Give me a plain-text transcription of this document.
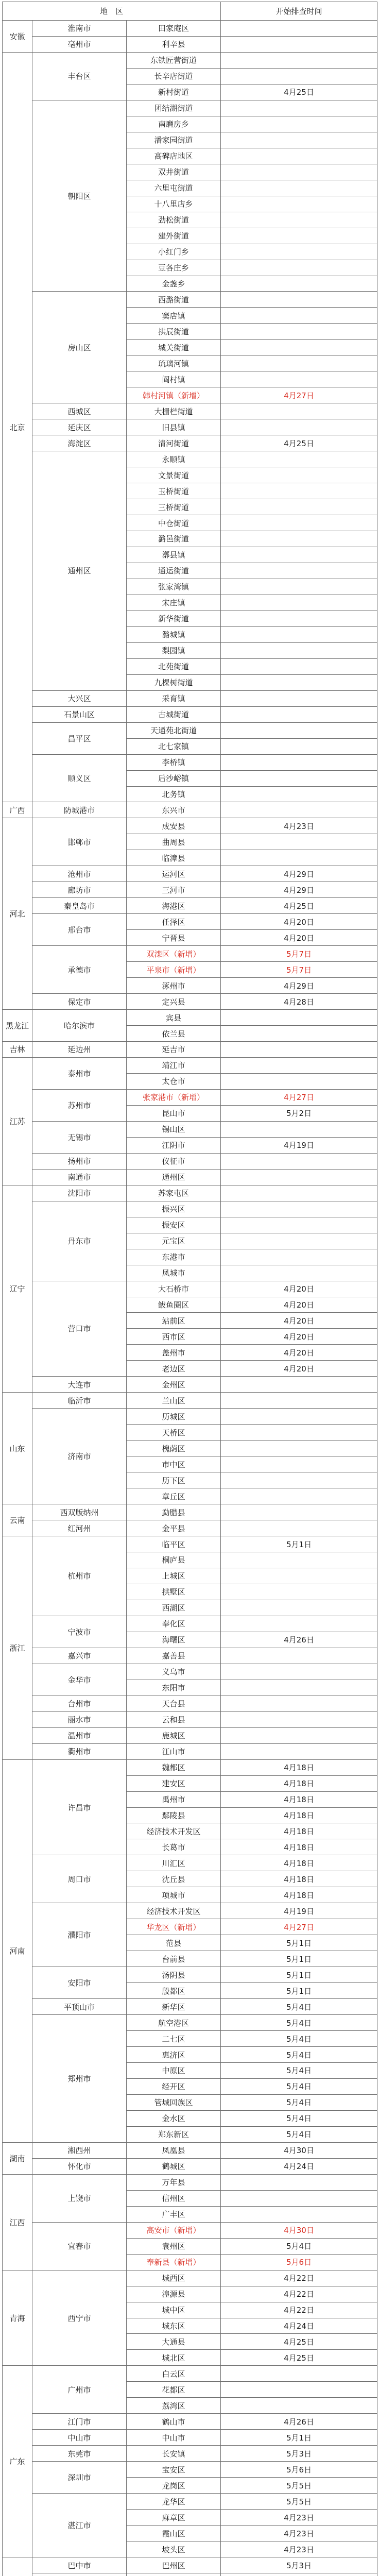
地　区			开始排查时间
安徽	淮南市	田家庵区	
	亳州市	利辛县	
北京	丰台区	东铁匠营街道	
		长辛店街道	
		新村街道	4月25日
	朝阳区	团结湖街道	
		南磨房乡	
		潘家园街道	
		高碑店地区	
		双井街道	
		六里屯街道	
		十八里店乡	
		劲松街道	
		建外街道	
		小红门乡	
		豆各庄乡	
		金盏乡	
	房山区	西潞街道	
		窦店镇	
		拱辰街道	
		城关街道	
		琉璃河镇	
		阎村镇	
		韩村河镇（新增）	4月27日
	西城区	大栅栏街道	
	延庆区	旧县镇	
	海淀区	清河街道	4月25日
	通州区	永顺镇	
		文景街道	
		玉桥街道	
		三桥街道	
		中仓街道	
		潞邑街道	
		漷县镇	
		通运街道	
		张家湾镇	
		宋庄镇	
		新华街道	
		潞城镇	
		梨园镇	
		北苑街道	
		九棵树街道	
	大兴区	采育镇	
	石景山区	古城街道	
	昌平区	天通苑北街道	
		北七家镇	
	顺义区	李桥镇	
		后沙峪镇	
		北务镇	
广西	防城港市	东兴市	
河北	邯郸市	成安县	4月23日
		曲周县	
		临漳县	
	沧州市	运河区	4月29日
	廊坊市	三河市	4月29日
	秦皇岛市	海港区	4月25日
	邢台市	任泽区	4月20日
		宁晋县	4月20日
	承德市	双滦区（新增）	5月7日
		平泉市（新增）	5月7日
		涿州市	4月29日
	保定市	定兴县	4月28日
黑龙江	哈尔滨市	宾县	
		依兰县	
吉林	延边州	延吉市	
江苏	泰州市	靖江市	
		太仓市	
	苏州市	张家港市（新增）	4月27日
		昆山市	5月2日
	无锡市	锡山区	
		江阴市	4月19日
	扬州市	仪征市	
	南通市	通州区	
辽宁	沈阳市	苏家屯区	
	丹东市	振兴区	
		振安区	
		元宝区	
		东港市	
		凤城市	
	营口市	大石桥市	4月20日
		鲅鱼圈区	4月20日
		站前区	4月20日
		西市区	4月20日
		盖州市	4月20日
		老边区	4月20日
	大连市	金州区	
山东	临沂市	兰山区	
	济南市	历城区	
		天桥区	
		槐荫区	
		市中区	
		历下区	
		章丘区	
云南	西双版纳州	勐腊县	
	红河州	金平县	
浙江	杭州市	临平区	5月1日
		桐庐县	
		上城区	
		拱墅区	
		西湖区	
	宁波市	奉化区	
		海曙区	4月26日
	嘉兴市	嘉善县	
	金华市	义乌市	
		东阳市	
	台州市	天台县	
	丽水市	云和县	
	温州市	鹿城区	
	衢州市	江山市	
河南	许昌市	魏都区	4月18日
		建安区	4月18日
		禹州市	4月18日
		鄢陵县	4月18日
		经济技术开发区	4月18日
		长葛市	4月18日
	周口市	川汇区	4月18日
		沈丘县	4月18日
		项城市	4月18日
	濮阳市	经济技术开发区	4月19日
		华龙区（新增）	4月27日
		范县	5月1日
		台前县	5月1日
	安阳市	汤阴县	5月1日
		殷都区	5月1日
	平顶山市	新华区	5月4日
	郑州市	航空港区	5月4日
		二七区	5月4日
		惠济区	5月4日
		中原区	5月4日
		经开区	5月4日
		管城回族区	5月4日
		金水区	5月4日
		郑东新区	5月4日
湖南	湘西州	凤凰县	4月30日
	怀化市	鹤城区	4月24日
江西	上饶市	万年县	
		信州区	
		广丰区	
	宜春市	高安市（新增）	4月30日
		袁州区	5月4日
		奉新县（新增）	5月6日
青海	西宁市	城西区	4月22日
		湟源县	4月22日
		城中区	4月22日
		城东区	4月24日
		大通县	4月25日
		城北区	4月25日
广东	广州市	白云区	
		花都区	
		荔湾区	
	江门市	鹤山市	4月26日
	中山市	中山市	5月1日
	东莞市	长安镇	5月3日
	深圳市	宝安区	5月6日
		龙岗区	5月5日
	湛江市	龙华区	5月5日
		麻章区	4月23日
		霞山区	4月23日
		坡头区	4月23日
	巴中市	巴州区	5月3日
